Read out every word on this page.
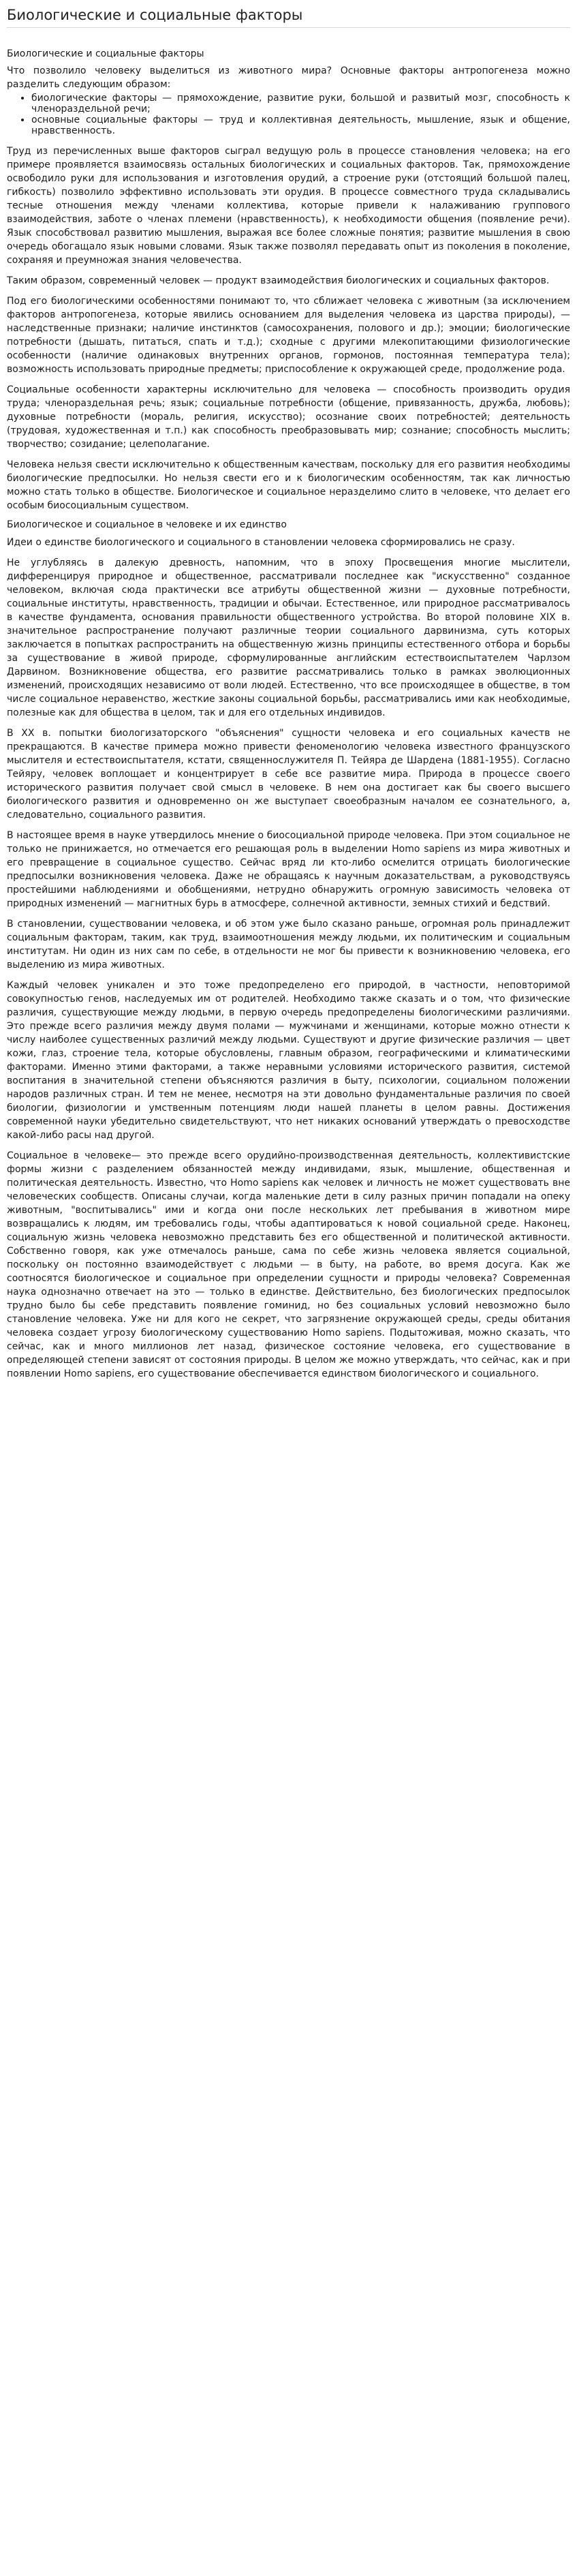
Биологические и социальные факторы
Биологические и социальные факторы

Что позволило человеку выделиться из животного мира? Основные факторы антропогенеза можно разделить следующим образом:

• биологические факторы — прямохождение, развитие руки, большой и развитый мозг, способность к членораздельной речи;
• основные социальные факторы — труд и коллективная деятельность, мышление, язык и общение, нравственность.

Труд из перечисленных выше факторов сыграл ведущую роль в процессе становления человека; на его примере проявляется взаимосвязь остальных биологических и социальных факторов. Так, прямохождение освободило руки для использования и изготовления орудий, а строение руки (отстоящий большой палец, гибкость) позволило эффективно использовать эти орудия. В процессе совместного труда складывались тесные отношения между членами коллектива, которые привели к налаживанию группового взаимодействия, заботе о членах племени (нравственность), к необходимости общения (появление речи). Язык способствовал развитию мышления, выражая все более сложные понятия; развитие мышления в свою очередь обогащало язык новыми словами. Язык также позволял передавать опыт из поколения в поколение, сохраняя и преумножая знания человечества.

Таким образом, современный человек — продукт взаимодействия биологических и социальных факторов.

Под его биологическими особенностями понимают то, что сближает человека с животным (за исключением факторов антропогенеза, которые явились основанием для выделения человека из царства природы), — наследственные признаки; наличие инстинктов (самосохранения, полового и др.); эмоции; биологические потребности (дышать, питаться, спать и т.д.); сходные с другими млекопитающими физиологические особенности (наличие одинаковых внутренних органов, гормонов, постоянная температура тела); возможность использовать природные предметы; приспособление к окружающей среде, продолжение рода.

Социальные особенности характерны исключительно для человека — способность производить орудия труда; членораздельная речь; язык; социальные потребности (общение, привязанность, дружба, любовь); духовные потребности (мораль, религия, искусство); осознание своих потребностей; деятельность (трудовая, художественная и т.п.) как способность преобразовывать мир; сознание; способность мыслить; творчество; созидание; целеполагание.

Человека нельзя свести исключительно к общественным качествам, поскольку для его развития необходимы биологические предпосылки. Но нельзя свести его и к биологическим особенностям, так как личностью можно стать только в обществе. Биологическое и социальное неразделимо слито в человеке, что делает его особым биосоциальным существом.

Биологическое и социальное в человеке и их единство

Идеи о единстве биологического и социального в становлении человека сформировались не сразу.

Не углубляясь в далекую древность, напомним, что в эпоху Просвещения многие мыслители, дифференцируя природное и общественное, рассматривали последнее как "искусственно" созданное человеком, включая сюда практически все атрибуты общественной жизни — духовные потребности, социальные институты, нравственность, традиции и обычаи. Естественное, или природное рассматривалось в качестве фундамента, основания правильности общественного устройства. Во второй половине XIX в. значительное распространение получают различные теории социального дарвинизма, суть которых заключается в попытках распространить на общественную жизнь принципы естественного отбора и борьбы за существование в живой природе, сформулированные английским естествоиспытателем Чарлзом Дарвином. Возникновение общества, его развитие рассматривались только в рамках эволюционных изменений, происходящих независимо от воли людей. Естественно, что все происходящее в обществе, в том числе социальное неравенство, жесткие законы социальной борьбы, рассматривались ими как необходимые, полезные как для общества в целом, так и для его отдельных индивидов.

В XX в. попытки биологизаторского "объяснения" сущности человека и его социальных качеств не прекращаются. В качестве примера можно привести феноменологию человека известного французского мыслителя и естествоиспытателя, кстати, священнослужителя П. Тейяра де Шардена (1881-1955). Согласно Тейяру, человек воплощает и концентрирует в себе все развитие мира. Природа в процессе своего исторического развития получает свой смысл в человеке. В нем она достигает как бы своего высшего биологического развития и одновременно он же выступает своеобразным началом ее сознательного, а, следовательно, социального развития.

В настоящее время в науке утвердилось мнение о биосоциальной природе человека. При этом социальное не только не принижается, но отмечается его решающая роль в выделении Homo sapiens из мира животных и его превращение в социальное существо. Сейчас вряд ли кто-либо осмелится отрицать биологические предпосылки возникновения человека. Даже не обращаясь к научным доказательствам, а руководствуясь простейшими наблюдениями и обобщениями, нетрудно обнаружить огромную зависимость человека от природных изменений — магнитных бурь в атмосфере, солнечной активности, земных стихий и бедствий.

В становлении, существовании человека, и об этом уже было сказано раньше, огромная роль принадлежит социальным факторам, таким, как труд, взаимоотношения между людьми, их политическим и социальным институтам. Ни один из них сам по себе, в отдельности не мог бы привести к возникновению человека, его выделению из мира животных.

Каждый человек уникален и это тоже предопределено его природой, в частности, неповторимой совокупностью генов, наследуемых им от родителей. Необходимо также сказать и о том, что физические различия, существующие между людьми, в первую очередь предопределены биологическими различиями. Это прежде всего различия между двумя полами — мужчинами и женщинами, которые можно отнести к числу наиболее существенных различий между людьми. Существуют и другие физические различия — цвет кожи, глаз, строение тела, которые обусловлены, главным образом, географическими и климатическими факторами. Именно этими факторами, а также неравными условиями исторического развития, системой воспитания в значительной степени объясняются различия в быту, психологии, социальном положении народов различных стран. И тем не менее, несмотря на эти довольно фундаментальные различия по своей биологии, физиологии и умственным потенциям люди нашей планеты в целом равны. Достижения современной науки убедительно свидетельствуют, что нет никаких оснований утверждать о превосходстве какой-либо расы над другой.

Социальное в человеке— это прежде всего орудийно-производственная деятельность, коллективистские формы жизни с разделением обязанностей между индивидами, язык, мышление, общественная и политическая деятельность. Известно, что Homo sapiens как человек и личность не может существовать вне человеческих сообществ. Описаны случаи, когда маленькие дети в силу разных причин попадали на опеку животным, "воспитывались" ими и когда они после нескольких лет пребывания в животном мире возвращались к людям, им требовались годы, чтобы адаптироваться к новой социальной среде. Наконец, социальную жизнь человека невозможно представить без его общественной и политической активности. Собственно говоря, как уже отмечалось раньше, сама по себе жизнь человека является социальной, поскольку он постоянно взаимодействует с людьми — в быту, на работе, во время досуга. Как же соотносятся биологическое и социальное при определении сущности и природы человека? Современная наука однозначно отвечает на это — только в единстве. Действительно, без биологических предпосылок трудно было бы себе представить появление гоминид, но без социальных условий невозможно было становление человека. Уже ни для кого не секрет, что загрязнение окружающей среды, среды обитания человека создает угрозу биологическому существованию Homo sapiens. Подытоживая, можно сказать, что сейчас, как и много миллионов лет назад, физическое состояние человека, его существование в определяющей степени зависят от состояния природы. В целом же можно утверждать, что сейчас, как и при появлении Homo sapiens, его существование обеспечивается единством биологического и социального.
